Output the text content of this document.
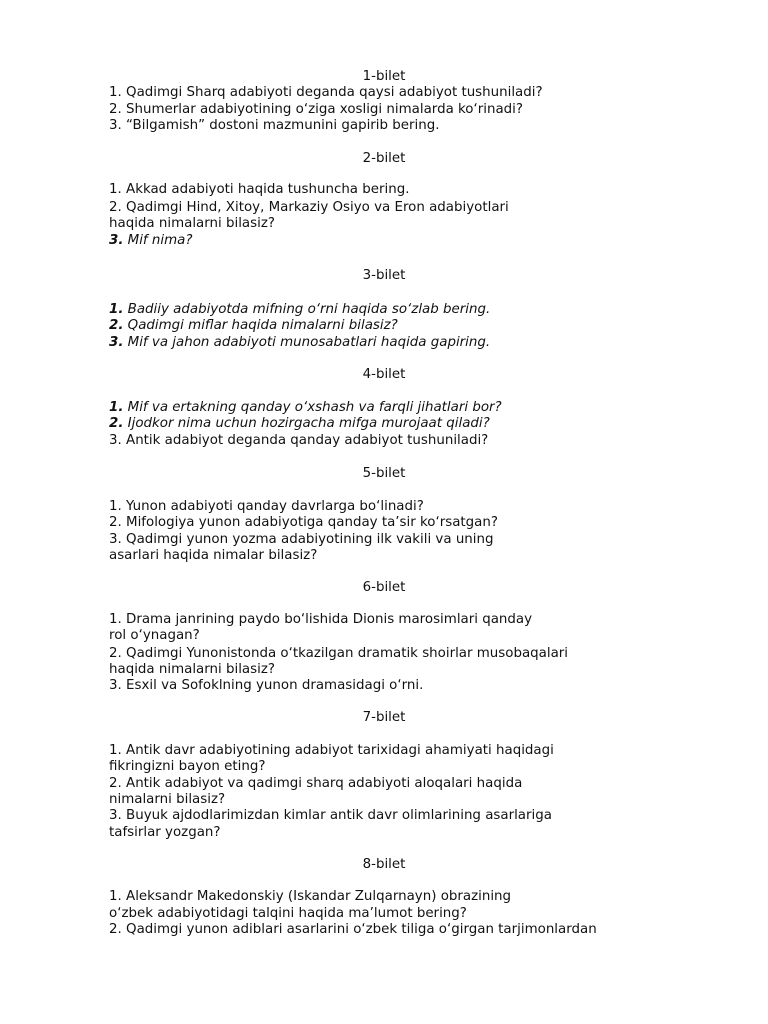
1-bilet
1. Qadimgi Sharq adabiyoti deganda qaysi adabiyot tushuniladi?
2. Shumerlar adabiyotining o‘ziga xosligi nimalarda ko‘rinadi?
3. “Bilgamish” dostoni mazmunini gapirib bering.
2-bilet
1. Akkad adabiyoti haqida tushuncha bering.
2. Qadimgi Hind, Xitoy, Markaziy Osiyo va Eron adabiyotlari
haqida nimalarni bilasiz?
3. Mif nima?
3-bilet
1. Badiiy adabiyotda mifning o‘rni haqida so‘zlab bering.
2. Qadimgi miflar haqida nimalarni bilasiz?
3. Mif va jahon adabiyoti munosabatlari haqida gapiring.
4-bilet
1. Mif va ertakning qanday o‘xshash va farqli jihatlari bor?
2. Ijodkor nima uchun hozirgacha mifga murojaat qiladi?
3. Antik adabiyot deganda qanday adabiyot tushuniladi?
5-bilet
1. Yunon adabiyoti qanday davrlarga bo‘linadi?
2. Mifologiya yunon adabiyotiga qanday ta’sir ko‘rsatgan?
3. Qadimgi yunon yozma adabiyotining ilk vakili va uning
asarlari haqida nimalar bilasiz?
6-bilet
1. Drama janrining paydo bo‘lishida Dionis marosimlari qanday
rol o‘ynagan?
2. Qadimgi Yunonistonda o‘tkazilgan dramatik shoirlar musobaqalari
haqida nimalarni bilasiz?
3. Esxil va Sofoklning yunon dramasidagi o‘rni.
7-bilet
1. Antik davr adabiyotining adabiyot tarixidagi ahamiyati haqidagi
fikringizni bayon eting?
2. Antik adabiyot va qadimgi sharq adabiyoti aloqalari haqida
nimalarni bilasiz?
3. Buyuk ajdodlarimizdan kimlar antik davr olimlarining asarlariga
tafsirlar yozgan?
8-bilet
1. Aleksandr Makedonskiy (Iskandar Zulqarnayn) obrazining
o‘zbek adabiyotidagi talqini haqida ma’lumot bering?
2. Qadimgi yunon adiblari asarlarini o‘zbek tiliga o‘girgan tarjimonlardan
